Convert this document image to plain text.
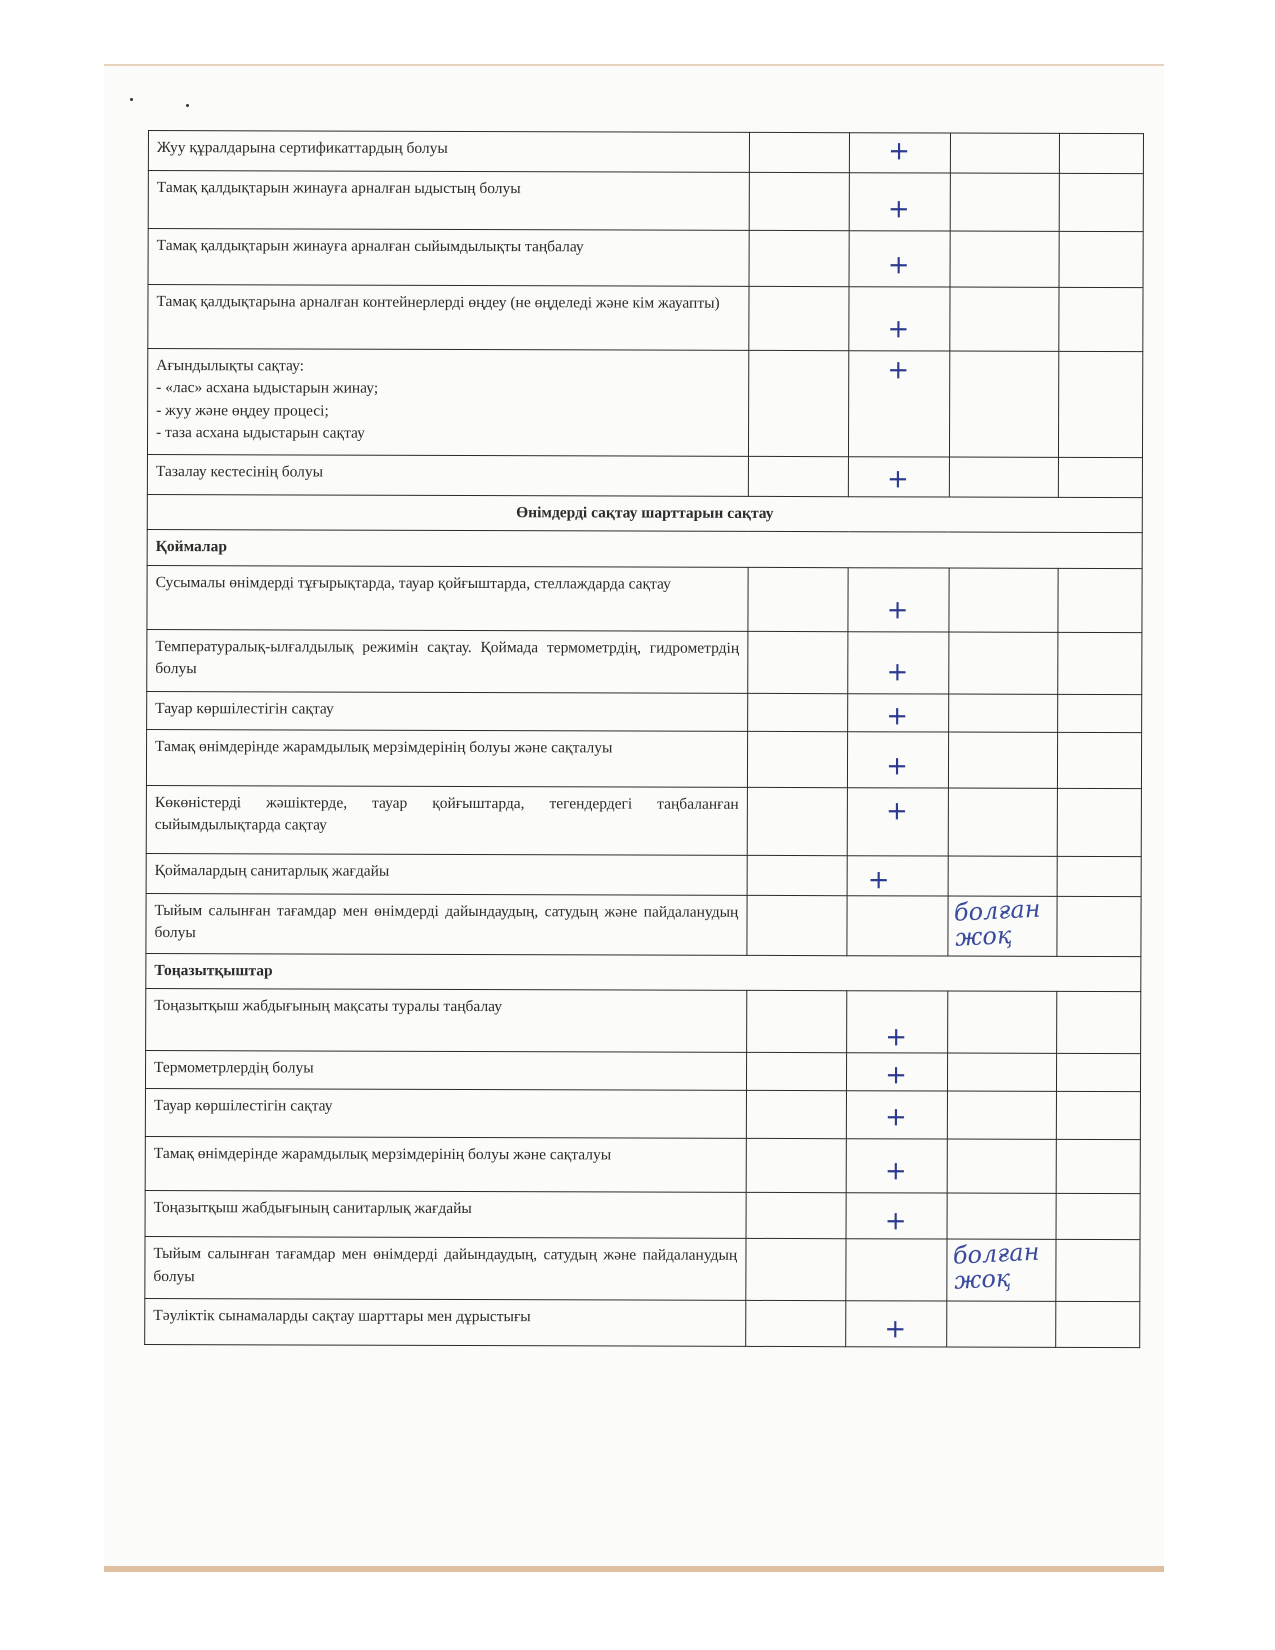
Жуу құралдарына сертификаттардың болуы		+		

Тамақ қалдықтарын жинауға арналған ыдыстың болуы		+		

Тамақ қалдықтарын жинауға арналған сыйымдылықты таңбалау		+		

Тамақ қалдықтарына арналған контейнерлерді өңдеу (не өңделеді және кім жауапты)		+		

Ағындылықты сақтау:
- «лас» асхана ыдыстарын жинау;
- жуу және өңдеу процесі;
- таза асхана ыдыстарын сақтау		+		

Тазалау кестесінің болуы		+		

Өнімдерді сақтау шарттарын сақтау				
Қоймалар				
Сусымалы өнімдерді тұғырықтарда, тауар қойғыштарда, стеллаждарда сақтау		+		

Температуралық-ылғалдылық режимін сақтау. Қоймада термометрдің, гидрометрдің болуы		+		

Тауар көршілестігін сақтау		+		

Тамақ өнімдерінде жарамдылық мерзімдерінің болуы және сақталуы		+		

Көкөністерді жәшіктерде, тауар қойғыштарда, тегендердегі таңбаланған сыйымдылықтарда сақтау		+		

Қоймалардың санитарлық жағдайы		+		

Тыйым салынған тағамдар мен өнімдерді дайындаудың, сатудың және пайдаланудың болуы			болған
жоқ	

Тоңазытқыштар				
Тоңазытқыш жабдығының мақсаты туралы таңбалау		+		

Термометрлердің болуы		+		

Тауар көршілестігін сақтау		+		

Тамақ өнімдерінде жарамдылық мерзімдерінің болуы және сақталуы		+		

Тоңазытқыш жабдығының санитарлық жағдайы		+		

Тыйым салынған тағамдар мен өнімдерді дайындаудың, сатудың және пайдаланудың болуы			болған
жоқ	

Тәуліктік сынамаларды сақтау шарттары мен дұрыстығы		+		
